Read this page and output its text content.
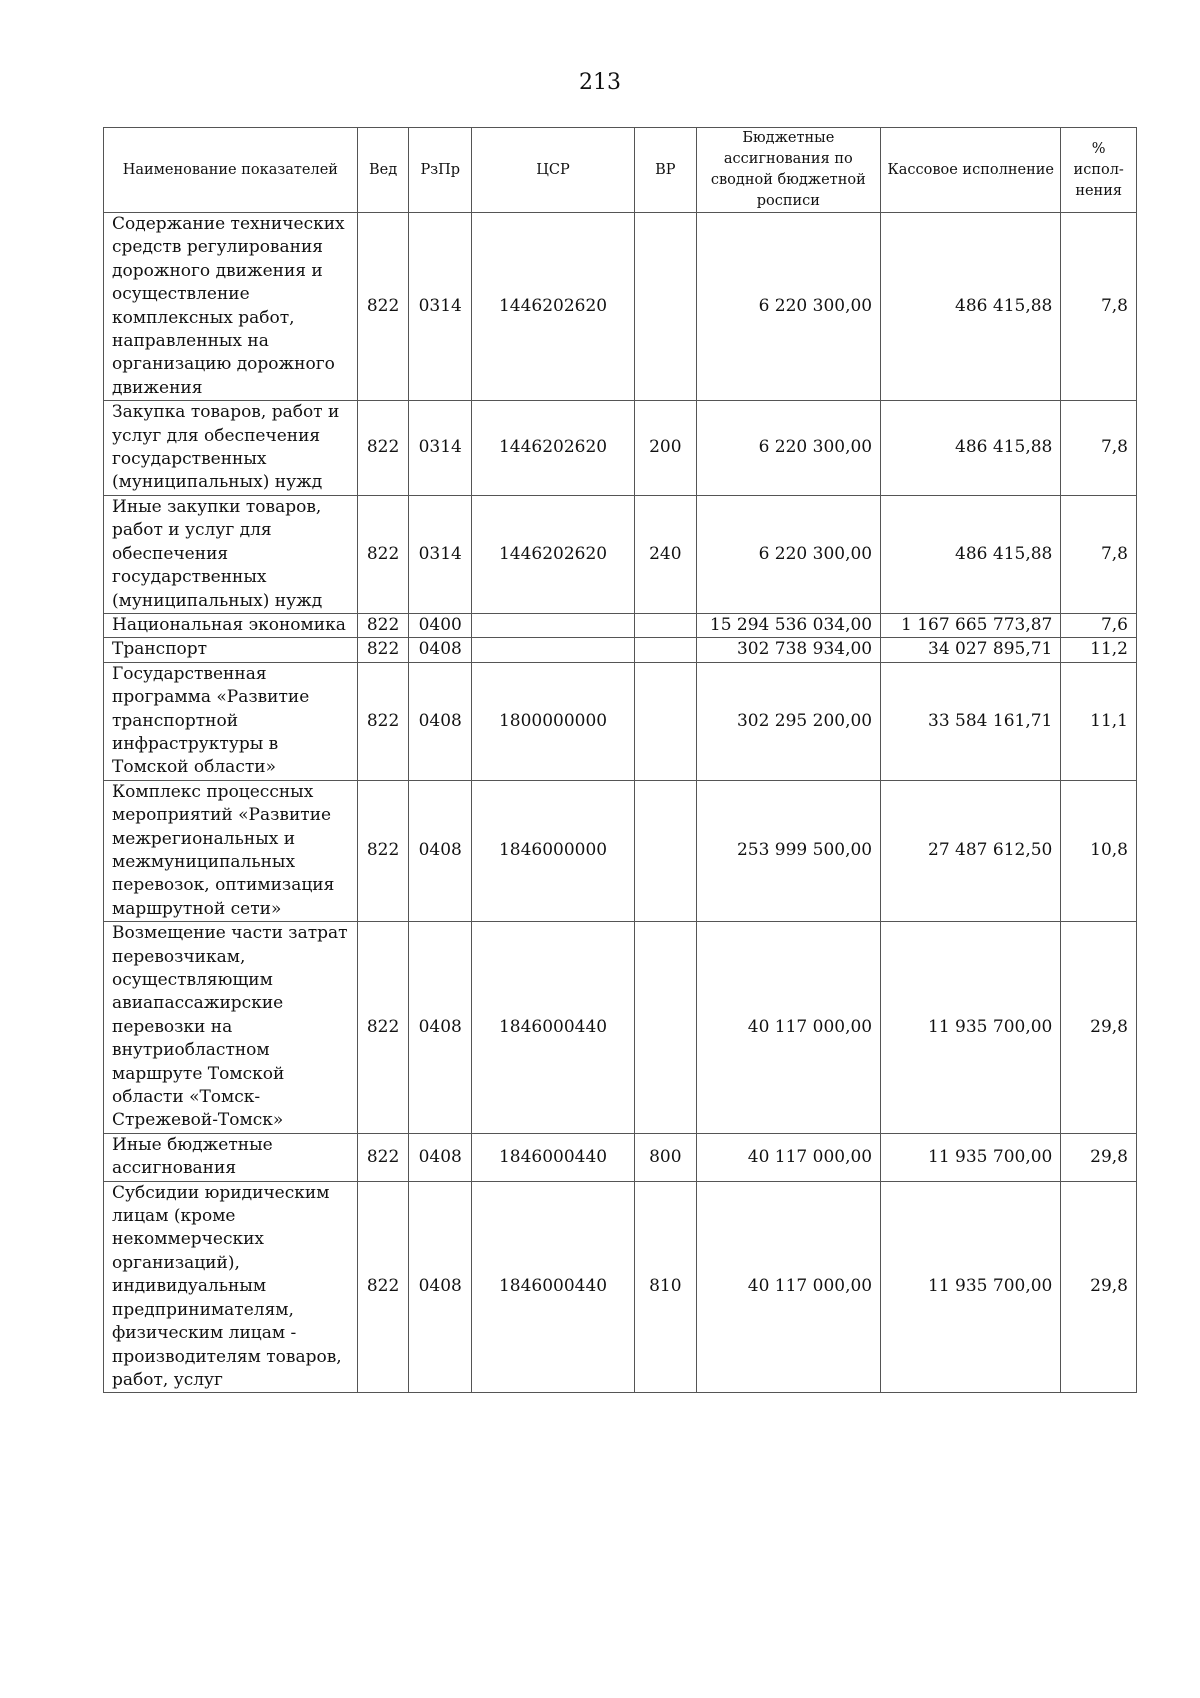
213
Наименование показателей	Вед	РзПр	ЦСР	ВР	Бюджетные ассигнования по сводной бюджетной росписи	Кассовое исполнение	% испол- нения
Содержание технических средств регулирования дорожного движения и осуществление комплексных работ, направленных на организацию дорожного движения	822	0314	1446202620		6 220 300,00	486 415,88	7,8
Закупка товаров, работ и услуг для обеспечения государственных (муниципальных) нужд	822	0314	1446202620	200	6 220 300,00	486 415,88	7,8
Иные закупки товаров, работ и услуг для обеспечения государственных (муниципальных) нужд	822	0314	1446202620	240	6 220 300,00	486 415,88	7,8
Национальная экономика	822	0400			15 294 536 034,00	1 167 665 773,87	7,6
Транспорт	822	0408			302 738 934,00	34 027 895,71	11,2
Государственная программа «Развитие транспортной инфраструктуры в Томской области»	822	0408	1800000000		302 295 200,00	33 584 161,71	11,1
Комплекс процессных мероприятий «Развитие межрегиональных и межмуниципальных перевозок, оптимизация маршрутной сети»	822	0408	1846000000		253 999 500,00	27 487 612,50	10,8
Возмещение части затрат перевозчикам, осуществляющим авиапассажирские перевозки на внутриобластном маршруте Томской области «Томск-Стрежевой-Томск»	822	0408	1846000440		40 117 000,00	11 935 700,00	29,8
Иные бюджетные ассигнования	822	0408	1846000440	800	40 117 000,00	11 935 700,00	29,8
Субсидии юридическим лицам (кроме некоммерческих организаций), индивидуальным предпринимателям, физическим лицам - производителям товаров, работ, услуг	822	0408	1846000440	810	40 117 000,00	11 935 700,00	29,8
